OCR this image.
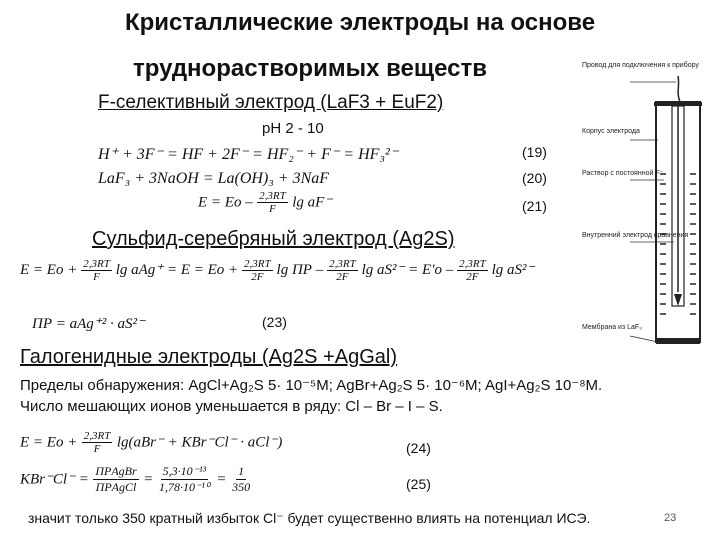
Кристаллические электроды на основе
труднорастворимых веществ
F-селективный электрод (LaF3 + EuF2)
pH 2 - 10
H⁺ + 3F⁻ = HF + 2F⁻ = HF₂⁻ + F⁻ = HF₃²⁻	(19)
LaF₃ + 3NaOH = La(OH)₃ + 3NaF	(20)
$E = Eo - \frac{2,3RT}{F}$ lg aF⁻	(21)
Сульфид-серебряный электрод (Ag2S)
$E = Eo + \frac{2,3RT}{F}$ $\lg aAg^+ = E = Eo + \frac{2,3RT}{2F}$ lg ПР – $\frac{2,3RT}{2F}$ $\lg aS^{2-} = E'o - \frac{2,3RT}{2F}$ lg aS²⁻
ПР = aAg⁺² · aS²⁻	(23)
Галогенидные электроды (Ag2S +AgGal)
Пределы обнаружения: AgCl+Ag₂S 5· 10⁻⁵M; AgBr+Ag₂S 5· 10⁻⁶M; AgI+Ag₂S 10⁻⁸M.
Число мешающих ионов уменьшается в ряду: Cl – Br – I – S.
$E = Eo + \frac{2,3RT}{F} \lg(aBr^- + KBr^-Cl^- \cdot aCl^-)$	(24)
$KBr^-Cl^- = \frac{\text{ПРAgBr}}{\text{ПРAgCl}} = \frac{\text{5,3·10⁻¹³}}{\text{1,78·10⁻¹⁰}} = \frac{1}{350}$	(25)
значит только 350 кратный избыток Cl⁻ будет существенно влиять на потенциал ИСЭ.	23
Провод для подключения к прибору
Корпус электрода
Раствор с постоянной F⁻
Внутренний электрод сравнения
Мембрана из LaF₃
